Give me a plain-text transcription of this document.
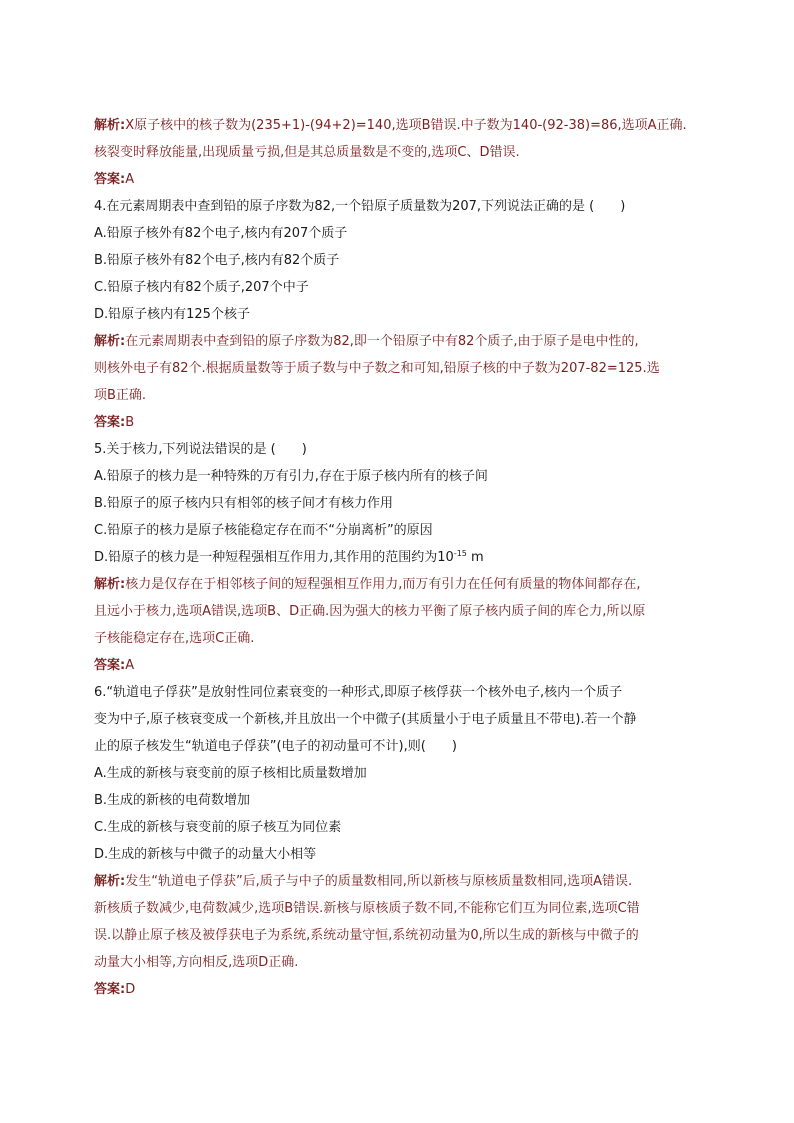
解析:X原子核中的核子数为(235+1)-(94+2)=140,选项B错误.中子数为140-(92-38)=86,选项A正确.
核裂变时释放能量,出现质量亏损,但是其总质量数是不变的,选项C、D错误.
答案:A
4.在元素周期表中查到铅的原子序数为82,一个铅原子质量数为207,下列说法正确的是 (　　)
A.铅原子核外有82个电子,核内有207个质子
B.铅原子核外有82个电子,核内有82个质子
C.铅原子核内有82个质子,207个中子
D.铅原子核内有125个核子
解析:在元素周期表中查到铅的原子序数为82,即一个铅原子中有82个质子,由于原子是电中性的,
则核外电子有82个.根据质量数等于质子数与中子数之和可知,铅原子核的中子数为207-82=125.选
项B正确.
答案:B
5.关于核力,下列说法错误的是 (　　)
A.铅原子的核力是一种特殊的万有引力,存在于原子核内所有的核子间
B.铅原子的原子核内只有相邻的核子间才有核力作用
C.铅原子的核力是原子核能稳定存在而不“分崩离析”的原因
D.铅原子的核力是一种短程强相互作用力,其作用的范围约为$10^{-15}$ m
解析:核力是仅存在于相邻核子间的短程强相互作用力,而万有引力在任何有质量的物体间都存在,
且远小于核力,选项A错误,选项B、D正确.因为强大的核力平衡了原子核内质子间的库仑力,所以原
子核能稳定存在,选项C正确.
答案:A
6.“轨道电子俘获”是放射性同位素衰变的一种形式,即原子核俘获一个核外电子,核内一个质子
变为中子,原子核衰变成一个新核,并且放出一个中微子(其质量小于电子质量且不带电).若一个静
止的原子核发生“轨道电子俘获”(电子的初动量可不计),则(　　)
A.生成的新核与衰变前的原子核相比质量数增加
B.生成的新核的电荷数增加
C.生成的新核与衰变前的原子核互为同位素
D.生成的新核与中微子的动量大小相等
解析:发生“轨道电子俘获”后,质子与中子的质量数相同,所以新核与原核质量数相同,选项A错误.
新核质子数减少,电荷数减少,选项B错误.新核与原核质子数不同,不能称它们互为同位素,选项C错
误.以静止原子核及被俘获电子为系统,系统动量守恒,系统初动量为0,所以生成的新核与中微子的
动量大小相等,方向相反,选项D正确.
答案:D
